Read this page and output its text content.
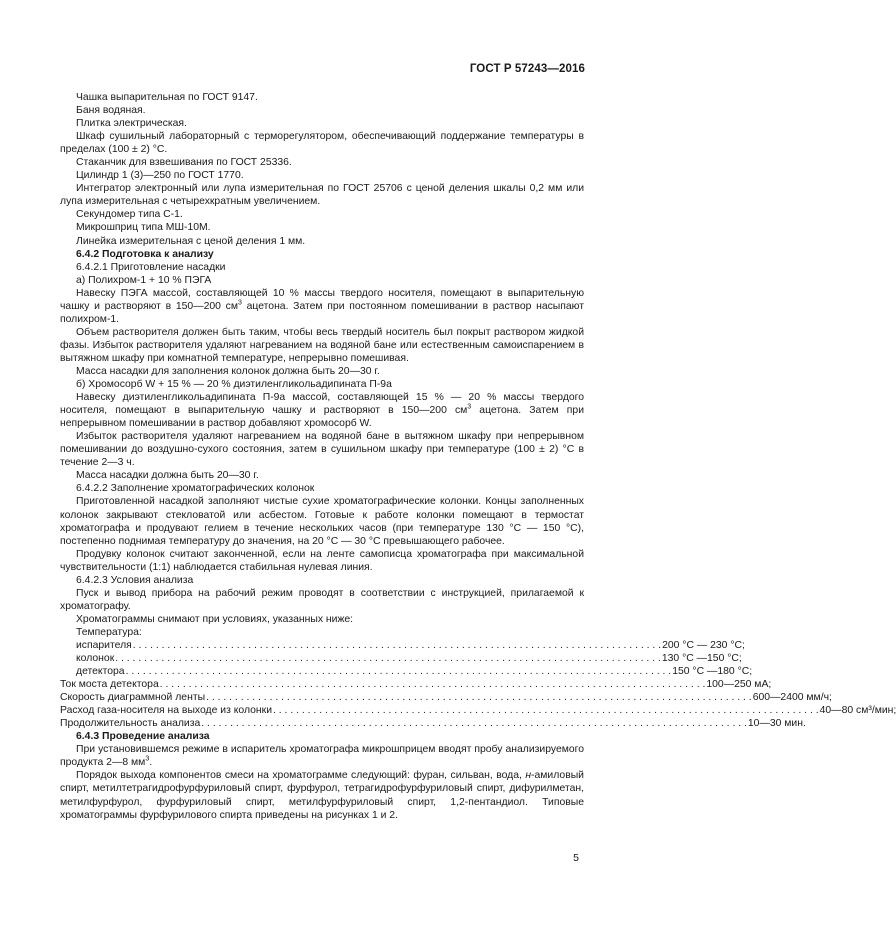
ГОСТ Р 57243—2016

Чашка выпарительная по ГОСТ 9147.

Баня водяная.

Плитка электрическая.

Шкаф сушильный лабораторный с терморегулятором, обеспечивающий поддержание температуры в пределах (100 ± 2) °С.

Стаканчик для взвешивания по ГОСТ 25336.

Цилиндр 1 (3)—250 по ГОСТ 1770.

Интегратор электронный или лупа измерительная по ГОСТ 25706 с ценой деления шкалы 0,2 мм или лупа измерительная с четырехкратным увеличением.

Секундомер типа С-1.

Микрошприц типа МШ-10М.

Линейка измерительная с ценой деления 1 мм.

6.4.2 Подготовка к анализу

6.4.2.1 Приготовление насадки

а) Полихром-1 + 10 % ПЭГА

Навеску ПЭГА массой, составляющей 10 % массы твердого носителя, помещают в выпарительную чашку и растворяют в 150—200 $см^3$ ацетона. Затем при постоянном помешивании в раствор насыпают полихром-1.

Объем растворителя должен быть таким, чтобы весь твердый носитель был покрыт раствором жидкой фазы. Избыток растворителя удаляют нагреванием на водяной бане или естественным самоиспарением в вытяжном шкафу при комнатной температуре, непрерывно помешивая.

Масса насадки для заполнения колонок должна быть 20—30 г.

б) Хромосорб W + 15 % — 20 % диэтиленгликольадипината П-9а

Навеску диэтиленгликольадипината П-9а массой, составляющей 15 % — 20 % массы твердого носителя, помещают в выпарительную чашку и растворяют в 150—200 $см^3$ ацетона. Затем при непрерывном помешивании в раствор добавляют хромосорб W.

Избыток растворителя удаляют нагреванием на водяной бане в вытяжном шкафу при непрерывном помешивании до воздушно-сухого состояния, затем в сушильном шкафу при температуре (100 ± 2) °С в течение 2—3 ч.

Масса насадки должна быть 20—30 г.

6.4.2.2 Заполнение хроматографических колонок

Приготовленной насадкой заполняют чистые сухие хроматографические колонки. Концы заполненных колонок закрывают стекловатой или асбестом. Готовые к работе колонки помещают в термостат хроматографа и продувают гелием в течение нескольких часов (при температуре 130 °С — 150 °С), постепенно поднимая температуру до значения, на 20 °С — 30 °С превышающего рабочее.

Продувку колонок считают законченной, если на ленте самописца хроматографа при максимальной чувствительности (1:1) наблюдается стабильная нулевая линия.

6.4.2.3 Условия анализа

Пуск и вывод прибора на рабочий режим проводят в соответствии с инструкцией, прилагаемой к хроматографу.

Хроматограммы снимают при условиях, указанных ниже:

Температура:

испарителя . . . . . . . . . . . . . . . . . . . . . . . . . . . . . . . . . . . . . . . . . . . . . . . . . . . . . . . . . . . . . . . . . . . . . . . . . . . . . . . . . . . . . . . . . . . . 200 °С — 230 °С;
колонок . . . . . . . . . . . . . . . . . . . . . . . . . . . . . . . . . . . . . . . . . . . . . . . . . . . . . . . . . . . . . . . . . . . . . . . . . . . . . . . . . . . . . . . . . . . . . . . 130 °С —150 °С;
детектора . . . . . . . . . . . . . . . . . . . . . . . . . . . . . . . . . . . . . . . . . . . . . . . . . . . . . . . . . . . . . . . . . . . . . . . . . . . . . . . . . . . . . . . . . . . . . . . 150 °С —180 °С;
Ток моста детектора . . . . . . . . . . . . . . . . . . . . . . . . . . . . . . . . . . . . . . . . . . . . . . . . . . . . . . . . . . . . . . . . . . . . . . . . . . . . . . . . . . . . . . . . . . . . . . . 100—250 мА;
Скорость диаграммной ленты . . . . . . . . . . . . . . . . . . . . . . . . . . . . . . . . . . . . . . . . . . . . . . . . . . . . . . . . . . . . . . . . . . . . . . . . . . . . . . . . . . . . . . . . . . . . . . . 600—2400 мм/ч;
Расход газа-носителя на выходе из колонки . . . . . . . . . . . . . . . . . . . . . . . . . . . . . . . . . . . . . . . . . . . . . . . . . . . . . . . . . . . . . . . . . . . . . . . . . . . . . . . . . . . . . . . . . . . . . . . 40—80 см³/мин;
Продолжительность анализа . . . . . . . . . . . . . . . . . . . . . . . . . . . . . . . . . . . . . . . . . . . . . . . . . . . . . . . . . . . . . . . . . . . . . . . . . . . . . . . . . . . . . . . . . . . . . . . 10—30 мин.

6.4.3 Проведение анализа

При установившемся режиме в испаритель хроматографа микрошприцем вводят пробу анализируемого продукта 2—8 $мм^3$.

Порядок выхода компонентов смеси на хроматограмме следующий: фуран, сильван, вода, н-амиловый спирт, метилтетрагидрофурфуриловый спирт, фурфурол, тетрагидрофурфуриловый спирт, дифурилметан, метилфурфурол, фурфуриловый спирт, метилфурфуриловый спирт, 1,2-пентандиол. Типовые хроматограммы фурфурилового спирта приведены на рисунках 1 и 2.

5
